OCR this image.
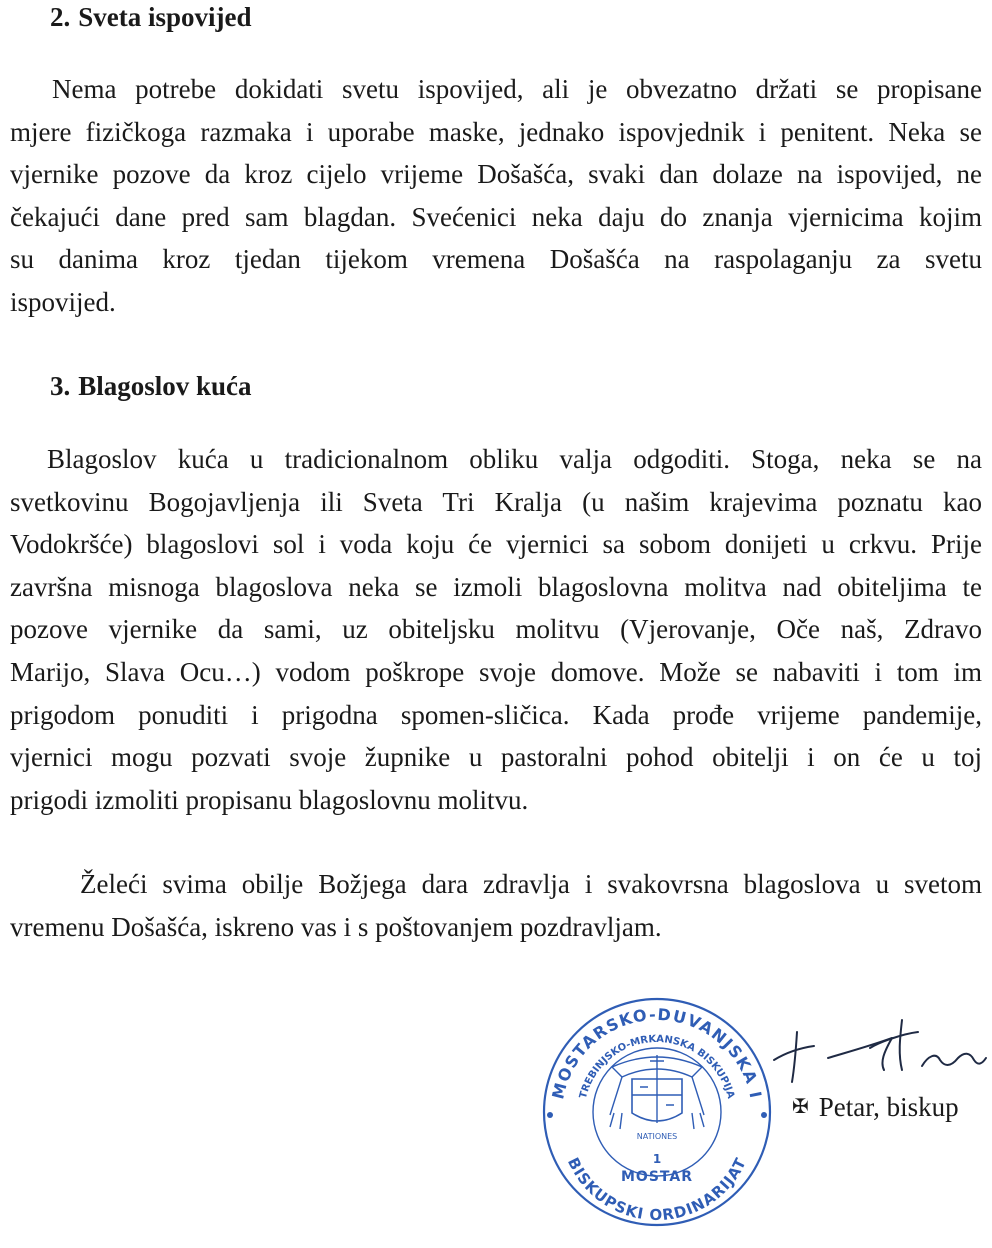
2. Sveta ispovijed

Nema potrebe dokidati svetu ispovijed, ali je obvezatno držati se propisane
mjere fizičkoga razmaka i uporabe maske, jednako ispovjednik i penitent. Neka se
vjernike pozove da kroz cijelo vrijeme Došašća, svaki dan dolaze na ispovijed, ne
čekajući dane pred sam blagdan. Svećenici neka daju do znanja vjernicima kojim
su danima kroz tjedan tijekom vremena Došašća na raspolaganju za svetu
ispovijed.

3. Blagoslov kuća

Blagoslov kuća u tradicionalnom obliku valja odgoditi. Stoga, neka se na
svetkovinu Bogojavljenja ili Sveta Tri Kralja (u našim krajevima poznatu kao
Vodokršće) blagoslovi sol i voda koju će vjernici sa sobom donijeti u crkvu. Prije
završna misnoga blagoslova neka se izmoli blagoslovna molitva nad obiteljima te
pozove vjernike da sami, uz obiteljsku molitvu (Vjerovanje, Oče naš, Zdravo
Marijo, Slava Ocu…) vodom poškrope svoje domove. Može se nabaviti i tom im
prigodom ponuditi i prigodna spomen-sličica. Kada prođe vrijeme pandemije,
vjernici mogu pozvati svoje župnike u pastoralni pohod obitelji i on će u toj
prigodi izmoliti propisanu blagoslovnu molitvu.

Želeći svima obilje Božjega dara zdravlja i svakovrsna blagoslova u svetom
vremenu Došašća, iskreno vas i s poštovanjem pozdravljam.

MOSTARSKO-DUVANJSKA I
TREBINJSKO-MRKANSKA BISKUPIJA
BISKUPSKI ORDINARIJAT
NATIONES
1
MOSTAR
✠ Petar, biskup
